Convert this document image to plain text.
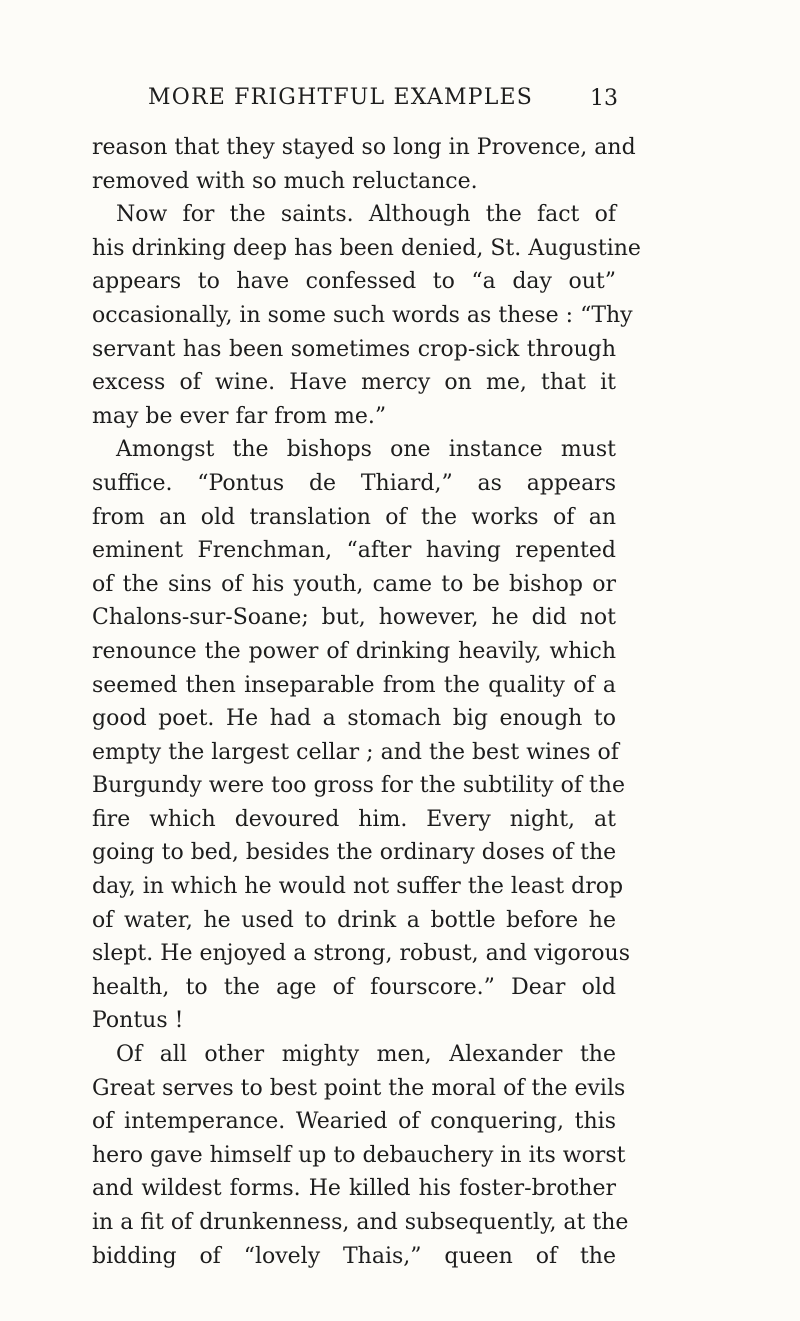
MORE FRIGHTFUL EXAMPLES	13
reason that they stayed so long in Provence, and
removed with so much reluctance.
Now for the saints. Although the fact of
his drinking deep has been denied, St. Augustine
appears to have confessed to “a day out”
occasionally, in some such words as these : “Thy
servant has been sometimes crop-sick through
excess of wine. Have mercy on me, that it
may be ever far from me.”
Amongst the bishops one instance must
suffice. “Pontus de Thiard,” as appears
from an old translation of the works of an
eminent Frenchman, “after having repented
of the sins of his youth, came to be bishop or
Chalons-sur-Soane; but, however, he did not
renounce the power of drinking heavily, which
seemed then inseparable from the quality of a
good poet. He had a stomach big enough to
empty the largest cellar ; and the best wines of
Burgundy were too gross for the subtility of the
fire which devoured him. Every night, at
going to bed, besides the ordinary doses of the
day, in which he would not suffer the least drop
of water, he used to drink a bottle before he
slept. He enjoyed a strong, robust, and vigorous
health, to the age of fourscore.” Dear old
Pontus !
Of all other mighty men, Alexander the
Great serves to best point the moral of the evils
of intemperance. Wearied of conquering, this
hero gave himself up to debauchery in its worst
and wildest forms. He killed his foster-brother
in a fit of drunkenness, and subsequently, at the
bidding of “lovely Thais,” queen of the
